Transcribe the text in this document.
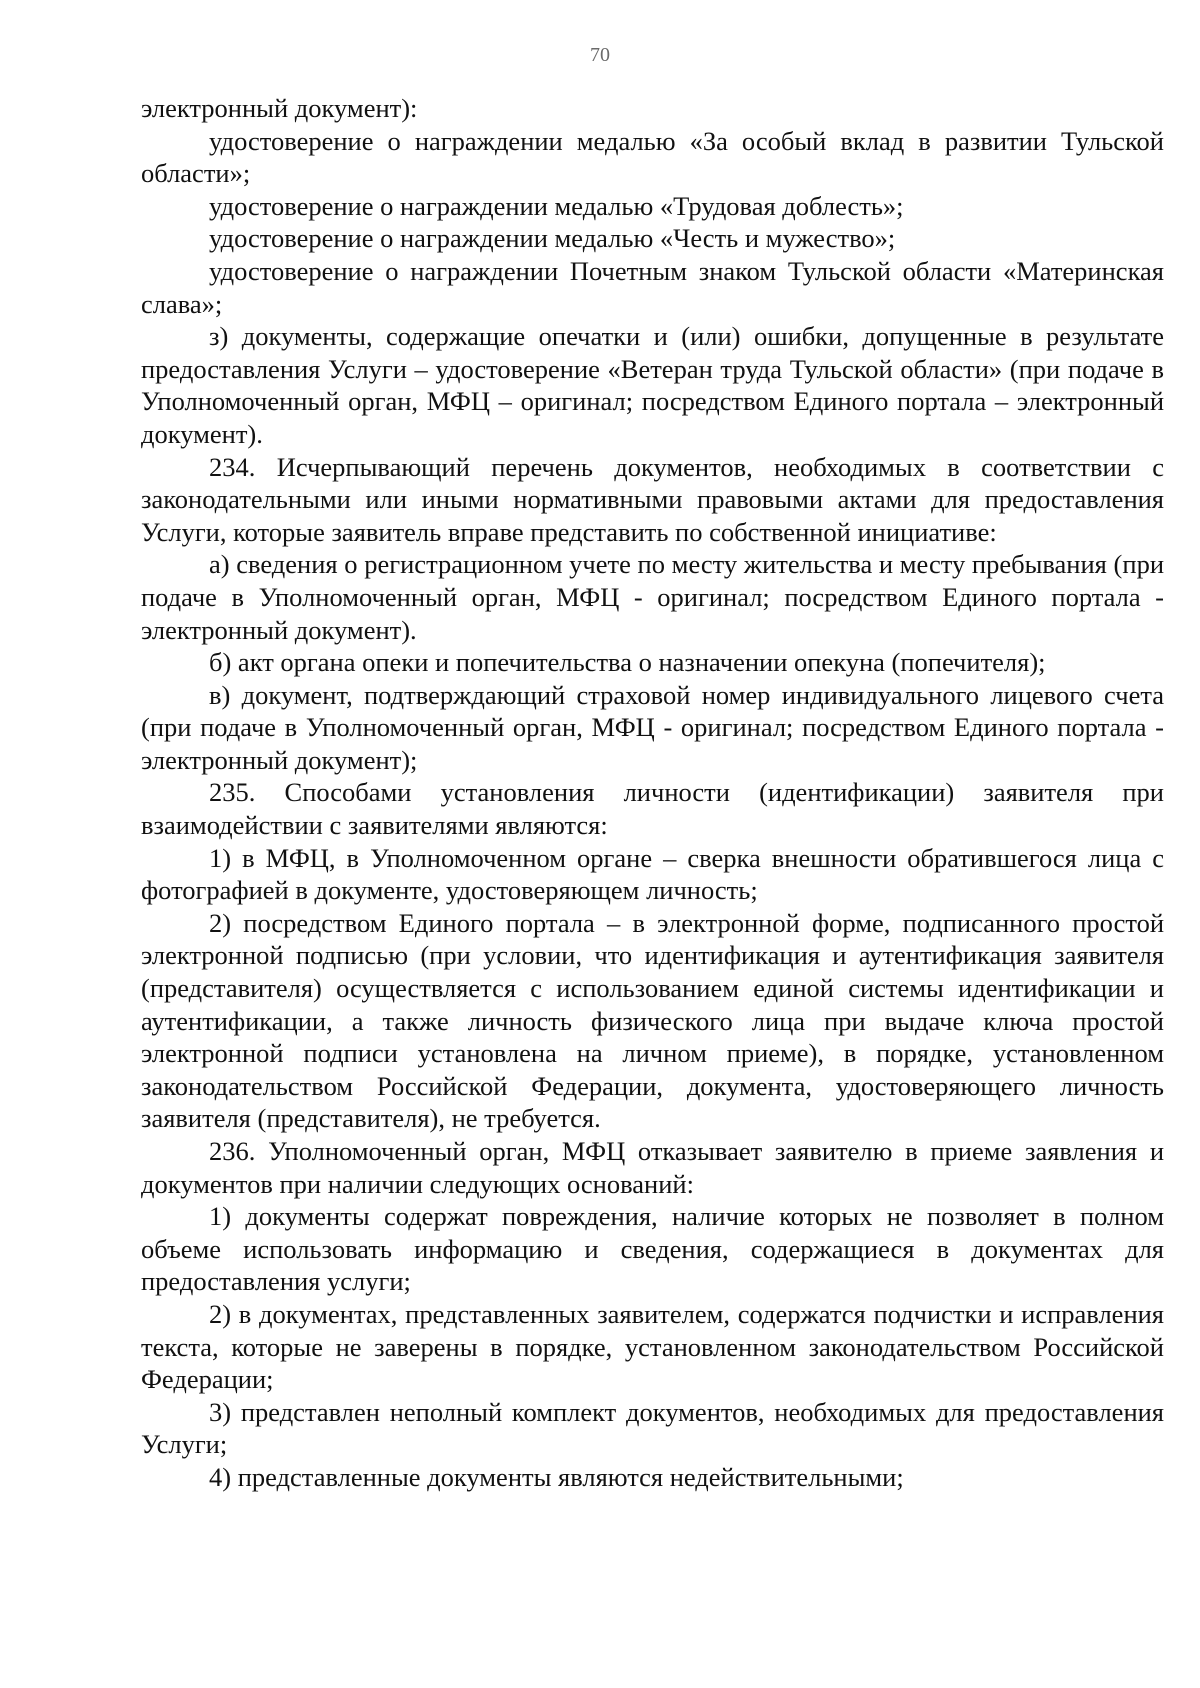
70

электронный документ):

удостоверение о награждении медалью «За особый вклад в развитии Тульской области»;

удостоверение о награждении медалью «Трудовая доблесть»;

удостоверение о награждении медалью «Честь и мужество»;

удостоверение о награждении Почетным знаком Тульской области «Материнская слава»;

з) документы, содержащие опечатки и (или) ошибки, допущенные в результате предоставления Услуги – удостоверение «Ветеран труда Тульской области» (при подаче в Уполномоченный орган, МФЦ – оригинал; посредством Единого портала – электронный документ).

234. Исчерпывающий перечень документов, необходимых в соответствии с законодательными или иными нормативными правовыми актами для предоставления Услуги, которые заявитель вправе представить по собственной инициативе:

а) сведения о регистрационном учете по месту жительства и месту пребывания (при подаче в Уполномоченный орган, МФЦ - оригинал; посредством Единого портала - электронный документ).

б) акт органа опеки и попечительства о назначении опекуна (попечителя);

в) документ, подтверждающий страховой номер индивидуального лицевого счета (при подаче в Уполномоченный орган, МФЦ - оригинал; посредством Единого портала - электронный документ);

235. Способами установления личности (идентификации) заявителя при взаимодействии с заявителями являются:

1) в МФЦ, в Уполномоченном органе – сверка внешности обратившегося лица с фотографией в документе, удостоверяющем личность;

2) посредством Единого портала – в электронной форме, подписанного простой электронной подписью (при условии, что идентификация и аутентификация заявителя (представителя) осуществляется с использованием единой системы идентификации и аутентификации, а также личность физического лица при выдаче ключа простой электронной подписи установлена на личном приеме), в порядке, установленном законодательством Российской Федерации, документа, удостоверяющего личность заявителя (представителя), не требуется.

236. Уполномоченный орган, МФЦ отказывает заявителю в приеме заявления и документов при наличии следующих оснований:

1) документы содержат повреждения, наличие которых не позволяет в полном объеме использовать информацию и сведения, содержащиеся в документах для предоставления услуги;

2) в документах, представленных заявителем, содержатся подчистки и исправления текста, которые не заверены в порядке, установленном законодательством Российской Федерации;

3) представлен неполный комплект документов, необходимых для предоставления Услуги;

4) представленные документы являются недействительными;
